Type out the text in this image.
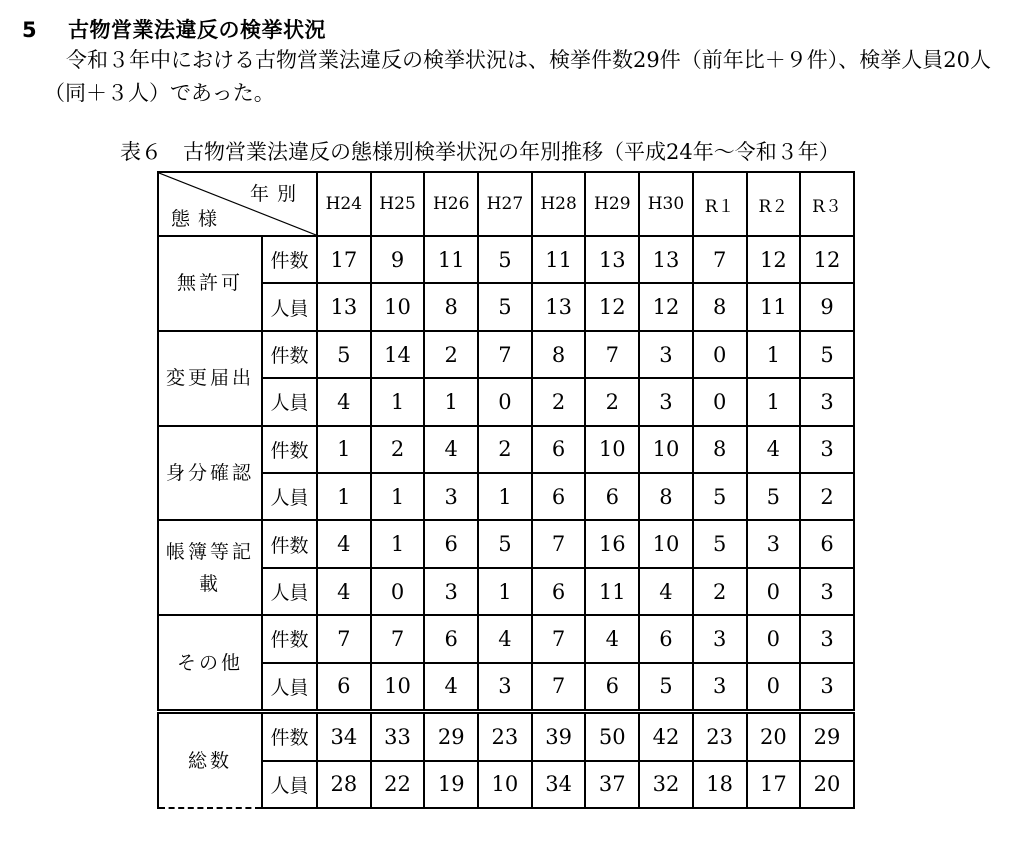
5 古物営業法違反の検挙状況

令和３年中における古物営業法違反の検挙状況は、検挙件数29件（前年比＋９件）、検挙人員20人（同＋３人）であった。

表６　古物営業法違反の態様別検挙状況の年別推移（平成24年～令和３年）

年別
態様		H24	H25	H26	H27	H28	H29	H30	R１	R２	R３
無許可	件数	17	9	11	5	11	13	13	7	12	12
	人員	13	10	8	5	13	12	12	8	11	9
変更届出	件数	5	14	2	7	8	7	3	0	1	5
	人員	4	1	1	0	2	2	3	0	1	3
身分確認	件数	1	2	4	2	6	10	10	8	4	3
	人員	1	1	3	1	6	6	8	5	5	2
帳簿等記載	件数	4	1	6	5	7	16	10	5	3	6
	人員	4	0	3	1	6	11	4	2	0	3
その他	件数	7	7	6	4	7	4	6	3	0	3
	人員	6	10	4	3	7	6	5	3	0	3
総数	件数	34	33	29	23	39	50	42	23	20	29
	人員	28	22	19	10	34	37	32	18	17	20
